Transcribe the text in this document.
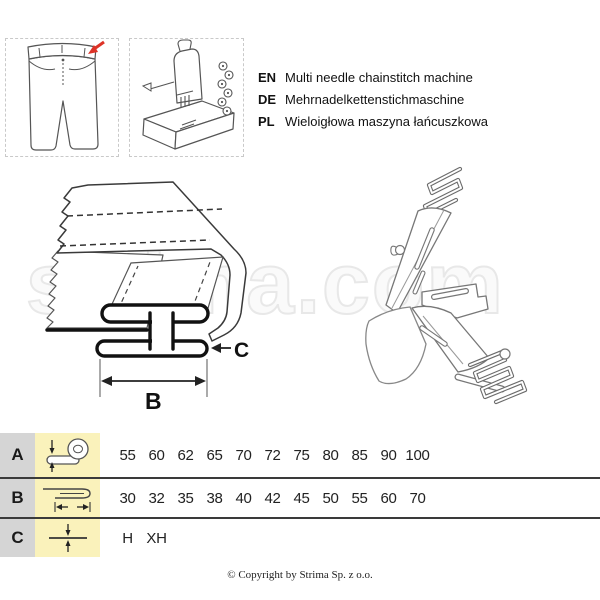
strima.com
EN Multi needle chainstitch machine
DE Mehrnadelkettenstichmaschine
PL Wieloigłowa maszyna łańcuszkowa
B
C
A	55 60 62 65 70 72 75 80 85 90 100
B	30 32 35 38 40 42 45 50 55 60 70
C	H XH
© Copyright by Strima Sp. z o.o.
